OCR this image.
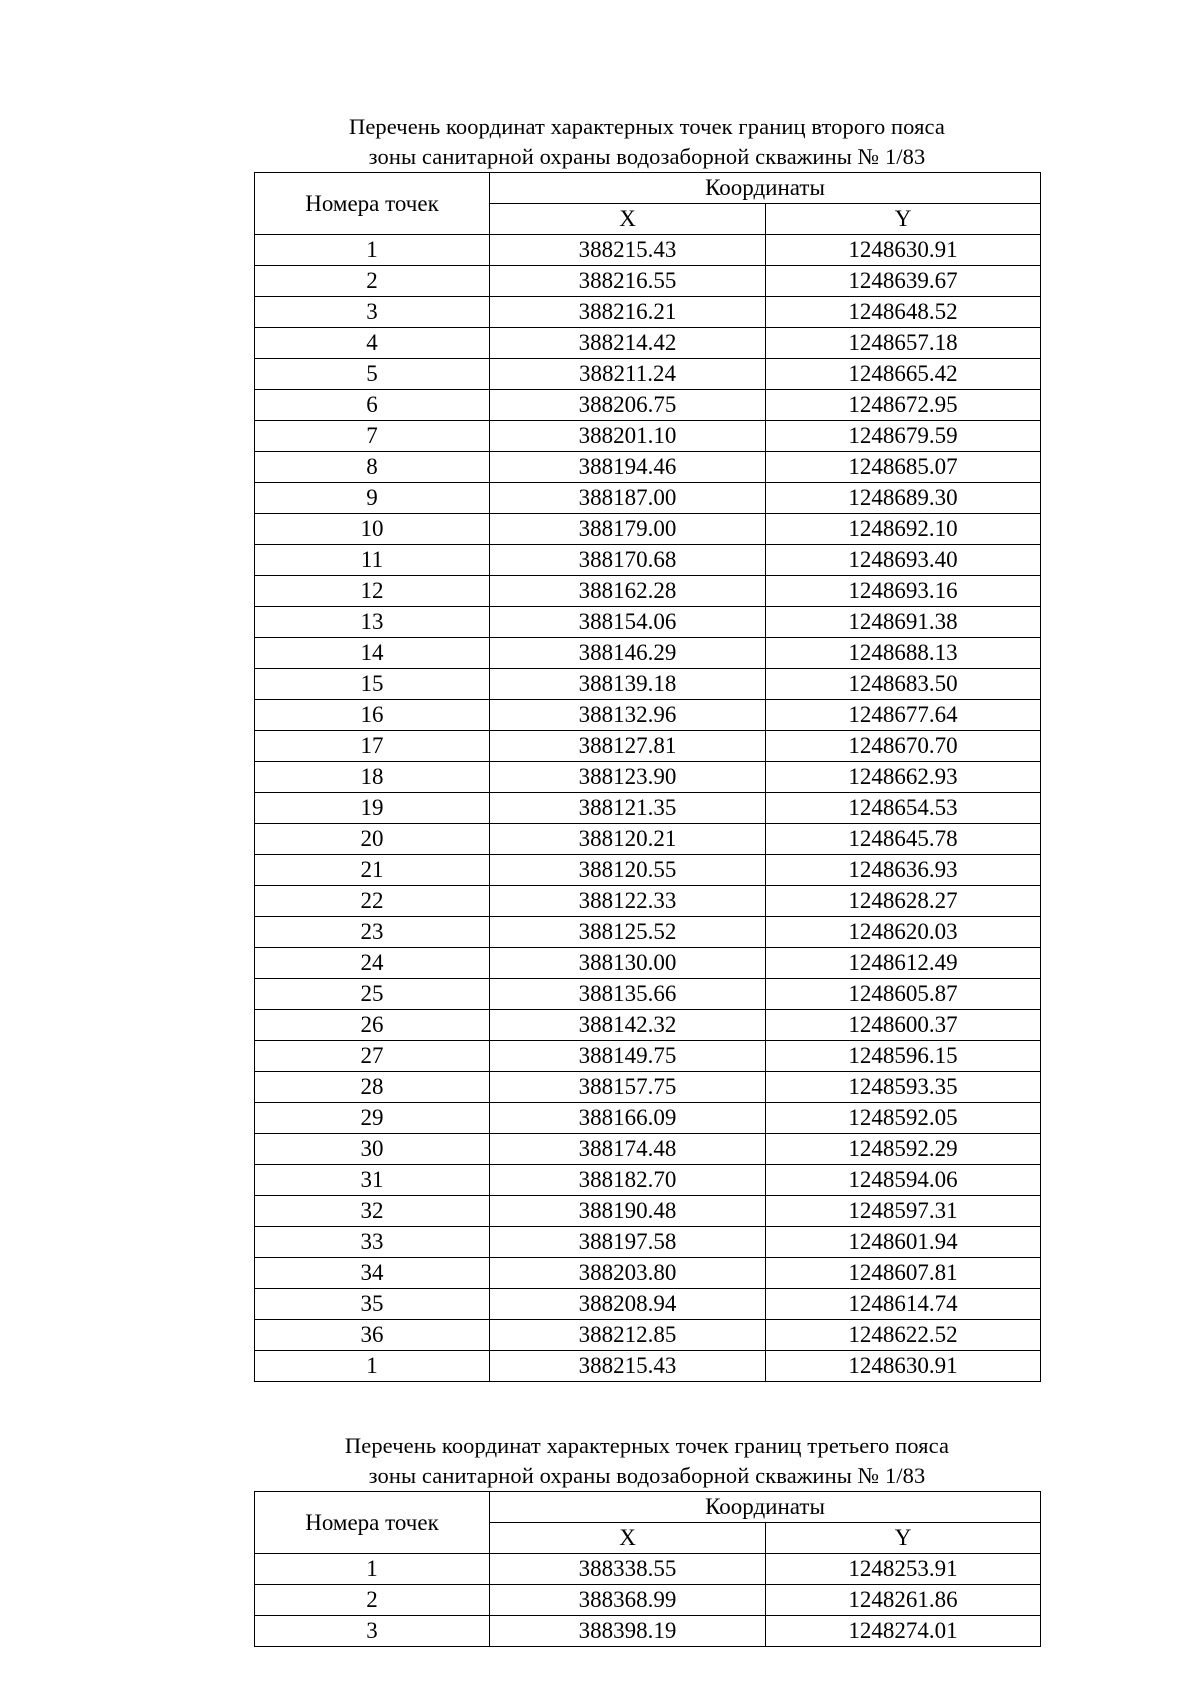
Перечень координат характерных точек границ второго пояса

зоны санитарной охраны водозаборной скважины № 1/83

Номера точек	Координаты	
	X	Y
1	388215.43	1248630.91
2	388216.55	1248639.67
3	388216.21	1248648.52
4	388214.42	1248657.18
5	388211.24	1248665.42
6	388206.75	1248672.95
7	388201.10	1248679.59
8	388194.46	1248685.07
9	388187.00	1248689.30
10	388179.00	1248692.10
11	388170.68	1248693.40
12	388162.28	1248693.16
13	388154.06	1248691.38
14	388146.29	1248688.13
15	388139.18	1248683.50
16	388132.96	1248677.64
17	388127.81	1248670.70
18	388123.90	1248662.93
19	388121.35	1248654.53
20	388120.21	1248645.78
21	388120.55	1248636.93
22	388122.33	1248628.27
23	388125.52	1248620.03
24	388130.00	1248612.49
25	388135.66	1248605.87
26	388142.32	1248600.37
27	388149.75	1248596.15
28	388157.75	1248593.35
29	388166.09	1248592.05
30	388174.48	1248592.29
31	388182.70	1248594.06
32	388190.48	1248597.31
33	388197.58	1248601.94
34	388203.80	1248607.81
35	388208.94	1248614.74
36	388212.85	1248622.52
1	388215.43	1248630.91

Перечень координат характерных точек границ третьего пояса

зоны санитарной охраны водозаборной скважины № 1/83

Номера точек	Координаты	
	X	Y
1	388338.55	1248253.91
2	388368.99	1248261.86
3	388398.19	1248274.01
